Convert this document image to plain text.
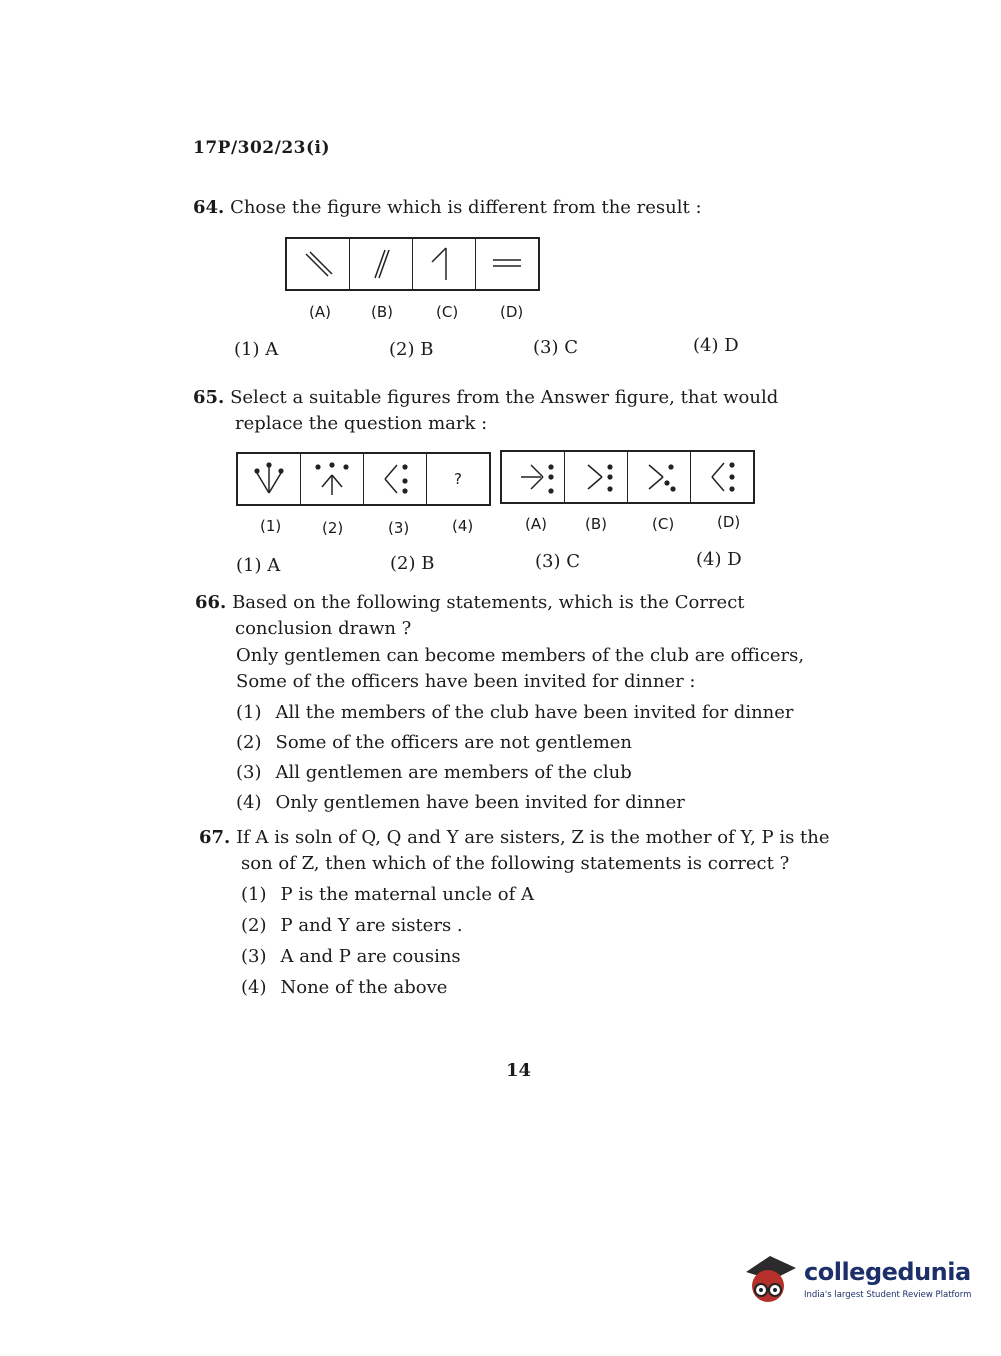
17P/302/23(i)
64. Chose the figure which is different from the result :
(A)	(B)	(C)	(D)
(1) A	(2) B	(3) C	(4) D
65. Select a suitable figures from the Answer figure, that would
replace the question mark :
?
(1)	(2)	(3)	(4)	(A)	(B)	(C)	(D)
(1) A	(2) B	(3) C	(4) D
66. Based on the following statements, which is the Correct
conclusion drawn ?
Only gentlemen can become members of the club are officers,
Some of the officers have been invited for dinner :
(1) All the members of the club have been invited for dinner
(2) Some of the officers are not gentlemen
(3) All gentlemen are members of the club
(4) Only gentlemen have been invited for dinner
67. If A is soln of Q, Q and Y are sisters, Z is the mother of Y, P is the
son of Z, then which of the following statements is correct ?
(1) P is the maternal uncle of A
(2) P and Y are sisters .
(3) A and P are cousins
(4) None of the above
14
collegedunia
India's largest Student Review Platform
